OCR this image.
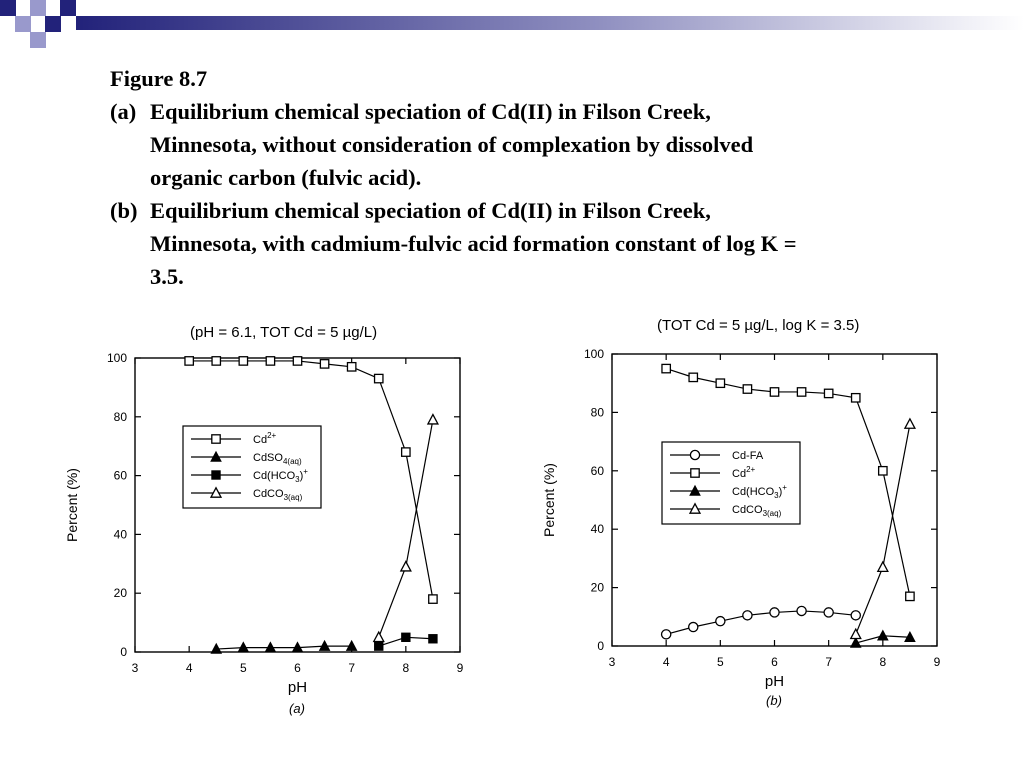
Figure 8.7
(a) Equilibrium chemical speciation of Cd(II) in Filson Creek,
Minnesota, without consideration of complexation by dissolved
organic carbon (fulvic acid).
(b) Equilibrium chemical speciation of Cd(II) in Filson Creek,
Minnesota, with cadmium-fulvic acid formation constant of log K =
3.5.
(pH = 6.1, TOT Cd = 5 µg/L)
0
20
40
60
80
100
3	4	5	6	7	8	9
pH
Percent (%)
(a)
$Cd^{2+}$
CdSO$_{4(aq)}$
$Cd(HCO_3)^+$
CdCO$_{3(aq)}$
(TOT Cd = 5 µg/L, log K = 3.5)
0
20
40
60
80
100
3	4	5	6	7	8	9
pH
Percent (%)
(b)
Cd-FA
$Cd^{2+}$
$Cd(HCO_3)^+$
CdCO$_{3(aq)}$
